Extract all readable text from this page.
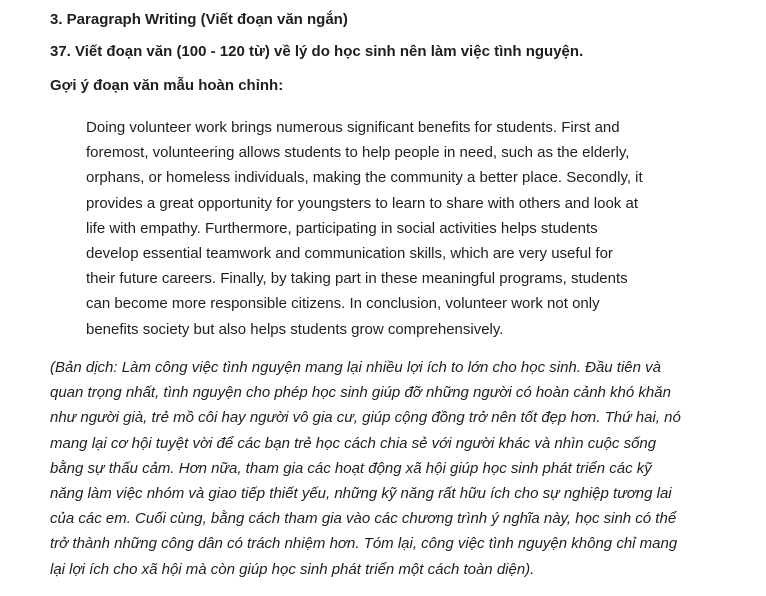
3. Paragraph Writing (Viết đoạn văn ngắn)
37. Viết đoạn văn (100 - 120 từ) về lý do học sinh nên làm việc tình nguyện.
Gợi ý đoạn văn mẫu hoàn chỉnh:

Doing volunteer work brings numerous significant benefits for students. First and
foremost, volunteering allows students to help people in need, such as the elderly,
orphans, or homeless individuals, making the community a better place. Secondly, it
provides a great opportunity for youngsters to learn to share with others and look at
life with empathy. Furthermore, participating in social activities helps students
develop essential teamwork and communication skills, which are very useful for
their future careers. Finally, by taking part in these meaningful programs, students
can become more responsible citizens. In conclusion, volunteer work not only
benefits society but also helps students grow comprehensively.

(Bản dịch: Làm công việc tình nguyện mang lại nhiều lợi ích to lớn cho học sinh. Đầu tiên và
quan trọng nhất, tình nguyện cho phép học sinh giúp đỡ những người có hoàn cảnh khó khăn
như người già, trẻ mồ côi hay người vô gia cư, giúp cộng đồng trở nên tốt đẹp hơn. Thứ hai, nó
mang lại cơ hội tuyệt vời để các bạn trẻ học cách chia sẻ với người khác và nhìn cuộc sống
bằng sự thấu cảm. Hơn nữa, tham gia các hoạt động xã hội giúp học sinh phát triển các kỹ
năng làm việc nhóm và giao tiếp thiết yếu, những kỹ năng rất hữu ích cho sự nghiệp tương lai
của các em. Cuối cùng, bằng cách tham gia vào các chương trình ý nghĩa này, học sinh có thể
trở thành những công dân có trách nhiệm hơn. Tóm lại, công việc tình nguyện không chỉ mang
lại lợi ích cho xã hội mà còn giúp học sinh phát triển một cách toàn diện).
